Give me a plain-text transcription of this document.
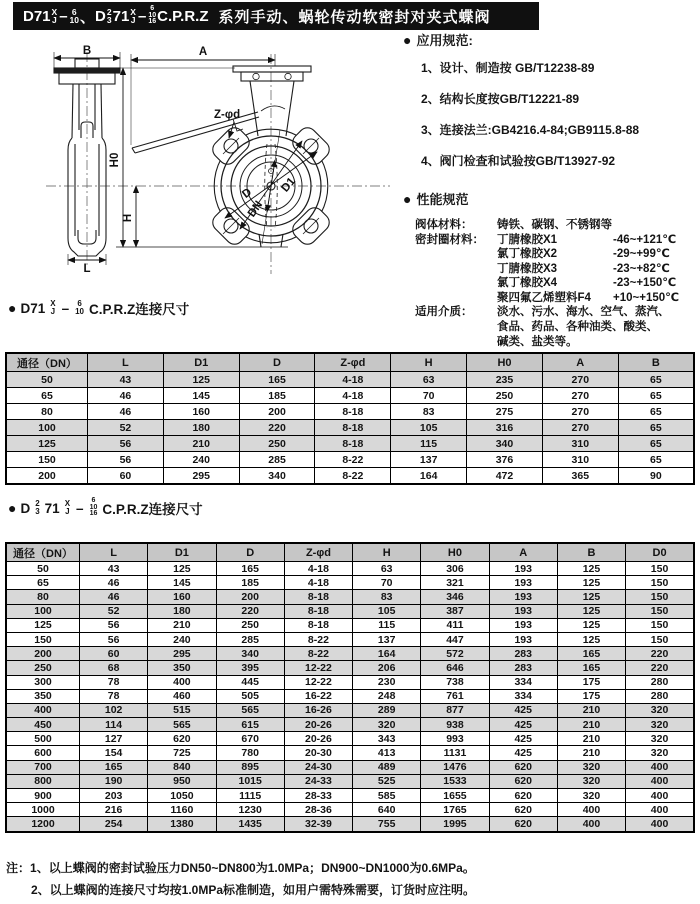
D71 X
J – 6
10 、 D 2
3 71 X
J – 6
10
16 C.P.R.Z 系列手动、蜗轮传动软密封对夹式蝶阀
B
L
A
H0
H
Z-φd
D
DN
D1
● 应用规范:
1、设计、制造按 GB/T12238-89
2、结构长度按GB/T12221-89
3、连接法兰:GB4216.4-84;GB9115.8-88
4、阀门检查和试验按GB/T13927-92
● 性能规范
阀体材料：	铸铁、碳钢、不锈钢等
密封圈材料：	丁腈橡胶X1	-46~+121℃
氯丁橡胶X2	-29~+99℃
丁腈橡胶X3	-23~+82℃
氯丁橡胶X4	-23~+150℃
聚四氟乙烯塑料F4	+10~+150℃
适用介质：	淡水、污水、海水、空气、蒸汽、
食品、药品、各种油类、酸类、
碱类、盐类等。
● D71 X
J – 6
10 C.P.R.Z连接尺寸
通径（DN）	L	D1	D	Z-φd	H	H0	A	B
50	43	125	165	4-18	63	235	270	65
65	46	145	185	4-18	70	250	270	65
80	46	160	200	8-18	83	275	270	65
100	52	180	220	8-18	105	316	270	65
125	56	210	250	8-18	115	340	310	65
150	56	240	285	8-22	137	376	310	65
200	60	295	340	8-22	164	472	365	90
● D 2
3 71 X
J – 6
10
16 C.P.R.Z连接尺寸
通径（DN）	L	D1	D	Z-φd	H	H0	A	B	D0
50	43	125	165	4-18	63	306	193	125	150
65	46	145	185	4-18	70	321	193	125	150
80	46	160	200	8-18	83	346	193	125	150
100	52	180	220	8-18	105	387	193	125	150
125	56	210	250	8-18	115	411	193	125	150
150	56	240	285	8-22	137	447	193	125	150
200	60	295	340	8-22	164	572	283	165	220
250	68	350	395	12-22	206	646	283	165	220
300	78	400	445	12-22	230	738	334	175	280
350	78	460	505	16-22	248	761	334	175	280
400	102	515	565	16-26	289	877	425	210	320
450	114	565	615	20-26	320	938	425	210	320
500	127	620	670	20-26	343	993	425	210	320
600	154	725	780	20-30	413	1131	425	210	320
700	165	840	895	24-30	489	1476	620	320	400
800	190	950	1015	24-33	525	1533	620	320	400
900	203	1050	1115	28-33	585	1655	620	320	400
1000	216	1160	1230	28-36	640	1765	620	400	400
1200	254	1380	1435	32-39	755	1995	620	400	400
注：1、以上蝶阀的密封试验压力DN50~DN800为1.0MPa；DN900~DN1000为0.6MPa。
2、以上蝶阀的连接尺寸均按1.0MPa标准制造，如用户需特殊需要，订货时应注明。
